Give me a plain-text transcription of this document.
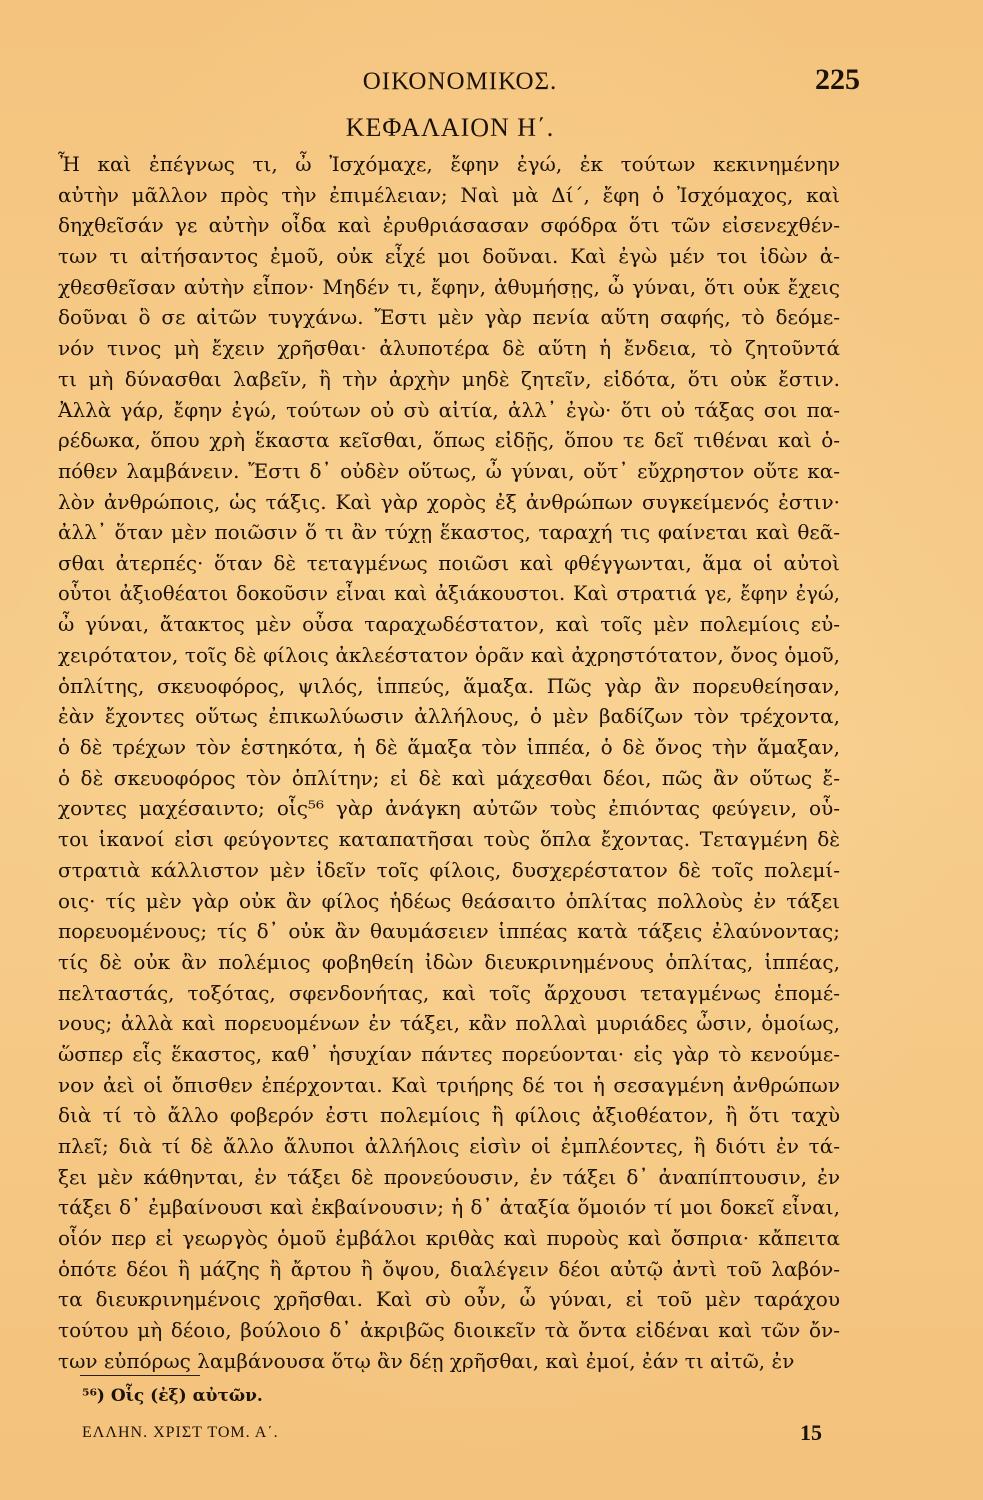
ΟΙΚΟΝΟΜΙΚΟΣ.	225
ΚΕΦΑΛΑΙΟΝ Η΄.
Ἦ καὶ ἐπέγνως τι, ὦ Ἰσχόμαχε, ἔφην ἐγώ, ἐκ τούτων κεκινημένην
αὐτὴν μᾶλλον πρὸς τὴν ἐπιμέλειαν; Ναὶ μὰ Δί΄, ἔφη ὁ Ἰσχόμαχος, καὶ
δηχθεῖσάν γε αὐτὴν οἶδα καὶ ἐρυθριάσασαν σφόδρα ὅτι τῶν εἰσενεχθέν-
των τι αἰτήσαντος ἐμοῦ, οὐκ εἶχέ μοι δοῦναι. Καὶ ἐγὼ μέν τοι ἰδὼν ἀ-
χθεσθεῖσαν αὐτὴν εἶπον· Μηδέν τι, ἔφην, ἀθυμήσῃς, ὦ γύναι, ὅτι οὐκ ἔχεις
δοῦναι ὃ σε αἰτῶν τυγχάνω. Ἔστι μὲν γὰρ πενία αὕτη σαφής, τὸ δεόμε-
νόν τινος μὴ ἔχειν χρῆσθαι· ἀλυποτέρα δὲ αὕτη ἡ ἔνδεια, τὸ ζητοῦντά
τι μὴ δύνασθαι λαβεῖν, ἢ τὴν ἀρχὴν μηδὲ ζητεῖν, εἰδότα, ὅτι οὐκ ἔστιν.
Ἀλλὰ γάρ, ἔφην ἐγώ, τούτων οὐ σὺ αἰτία, ἀλλ᾽ ἐγὼ· ὅτι οὐ τάξας σοι πα-
ρέδωκα, ὅπου χρὴ ἕκαστα κεῖσθαι, ὅπως εἰδῇς, ὅπου τε δεῖ τιθέναι καὶ ὁ-
πόθεν λαμβάνειν. Ἔστι δ᾽ οὐδὲν οὕτως, ὦ γύναι, οὔτ᾽ εὔχρηστον οὔτε κα-
λὸν ἀνθρώποις, ὡς τάξις. Καὶ γὰρ χορὸς ἐξ ἀνθρώπων συγκείμενός ἐστιν·
ἀλλ᾽ ὅταν μὲν ποιῶσιν ὅ τι ἂν τύχῃ ἕκαστος, ταραχή τις φαίνεται καὶ θεᾶ-
σθαι ἀτερπές· ὅταν δὲ τεταγμένως ποιῶσι καὶ φθέγγωνται, ἅμα οἱ αὐτοὶ
οὗτοι ἀξιοθέατοι δοκοῦσιν εἶναι καὶ ἀξιάκουστοι. Καὶ στρατιά γε, ἔφην ἐγώ,
ὦ γύναι, ἄτακτος μὲν οὖσα ταραχωδέστατον, καὶ τοῖς μὲν πολεμίοις εὐ-
χειρότατον, τοῖς δὲ φίλοις ἀκλεέστατον ὁρᾶν καὶ ἀχρηστότατον, ὄνος ὁμοῦ,
ὁπλίτης, σκευοφόρος, ψιλός, ἱππεύς, ἅμαξα. Πῶς γὰρ ἂν πορευθείησαν,
ἐὰν ἔχοντες οὕτως ἐπικωλύωσιν ἀλλήλους, ὁ μὲν βαδίζων τὸν τρέχοντα,
ὁ δὲ τρέχων τὸν ἑστηκότα, ἡ δὲ ἅμαξα τὸν ἱππέα, ὁ δὲ ὄνος τὴν ἅμαξαν,
ὁ δὲ σκευοφόρος τὸν ὁπλίτην; εἰ δὲ καὶ μάχεσθαι δέοι, πῶς ἂν οὕτως ἔ-
χοντες μαχέσαιντο; οἷς⁵⁶ γὰρ ἀνάγκη αὐτῶν τοὺς ἐπιόντας φεύγειν, οὗ-
τοι ἱκανοί εἰσι φεύγοντες καταπατῆσαι τοὺς ὅπλα ἔχοντας. Τεταγμένη δὲ
στρατιὰ κάλλιστον μὲν ἰδεῖν τοῖς φίλοις, δυσχερέστατον δὲ τοῖς πολεμί-
οις· τίς μὲν γὰρ οὐκ ἂν φίλος ἡδέως θεάσαιτο ὁπλίτας πολλοὺς ἐν τάξει
πορευομένους; τίς δ᾽ οὐκ ἂν θαυμάσειεν ἱππέας κατὰ τάξεις ἐλαύνοντας;
τίς δὲ οὐκ ἂν πολέμιος φοβηθείη ἰδὼν διευκρινημένους ὁπλίτας, ἱππέας,
πελταστάς, τοξότας, σφενδονήτας, καὶ τοῖς ἄρχουσι τεταγμένως ἑπομέ-
νους; ἀλλὰ καὶ πορευομένων ἐν τάξει, κἂν πολλαὶ μυριάδες ὦσιν, ὁμοίως,
ὥσπερ εἷς ἕκαστος, καθ᾽ ἡσυχίαν πάντες πορεύονται· εἰς γὰρ τὸ κενούμε-
νον ἀεὶ οἱ ὄπισθεν ἐπέρχονται. Καὶ τριήρης δέ τοι ἡ σεσαγμένη ἀνθρώπων
διὰ τί τὸ ἄλλο φοβερόν ἐστι πολεμίοις ἢ φίλοις ἀξιοθέατον, ἢ ὅτι ταχὺ
πλεῖ; διὰ τί δὲ ἄλλο ἄλυποι ἀλλήλοις εἰσὶν οἱ ἐμπλέοντες, ἢ διότι ἐν τά-
ξει μὲν κάθηνται, ἐν τάξει δὲ προνεύουσιν, ἐν τάξει δ᾽ ἀναπίπτουσιν, ἐν
τάξει δ᾽ ἐμβαίνουσι καὶ ἐκβαίνουσιν; ἡ δ᾽ ἀταξία ὅμοιόν τί μοι δοκεῖ εἶναι,
οἷόν περ εἰ γεωργὸς ὁμοῦ ἐμβάλοι κριθὰς καὶ πυροὺς καὶ ὄσπρια· κἄπειτα
ὁπότε δέοι ἢ μάζης ἢ ἄρτου ἢ ὄψου, διαλέγειν δέοι αὐτῷ ἀντὶ τοῦ λαβόν-
τα διευκρινημένοις χρῆσθαι. Καὶ σὺ οὖν, ὦ γύναι, εἰ τοῦ μὲν ταράχου
τούτου μὴ δέοιο, βούλοιο δ᾽ ἀκριβῶς διοικεῖν τὰ ὄντα εἰδέναι καὶ τῶν ὄν-
των εὐπόρως λαμβάνουσα ὅτῳ ἂν δέῃ χρῆσθαι, καὶ ἐμοί, ἐάν τι αἰτῶ, ἐν
⁵⁶) Οἷς (ἐξ) αὐτῶν.
ΕΛΛΗΝ. ΧΡΙΣΤ ΤΟΜ. Α΄.	15
